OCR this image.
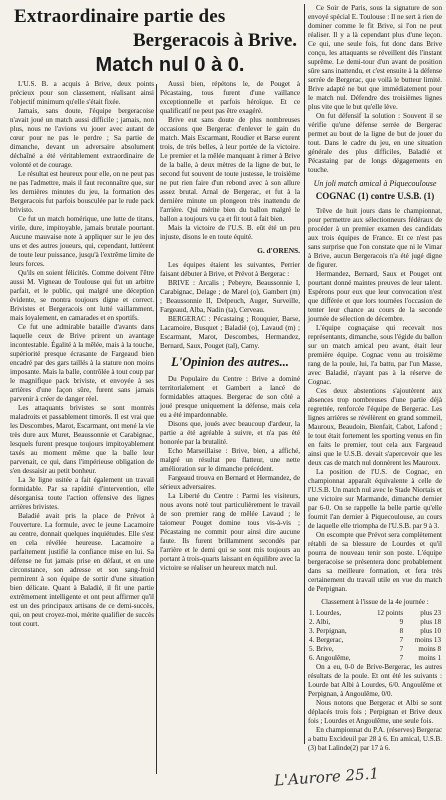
Extraordinaire partie des
Bergeracois à Brive.
Match nul 0 à 0.

L'U.S. B. a acquis à Brive, deux points précieux pour son classement, réalisant ainsi l'objectif minimum qu'elle s'était fixée.

Jamais, sans doute, l'équipe bergeracoise n'avait joué un match aussi difficile ; jamais, non plus, nous ne l'avions vu jouer avec autant de cœur pour ne pas le perdre ; Sa partie de dimanche, devant un adversaire absolument déchaîné a été véritablement extraordinaire de volonté et de courage.

Le résultat est heureux pour elle, on ne peut pas ne pas l'admettre, mais il faut reconnaître que, sur les dernières minutes du jeu, la formation des Bergeracois fut parfois bousculée par le rude pack brivisto.

Ce fut un match homérique, une lutte de titans, virile, dure, impitoyable, jamais brutale pourtant. Aucune mauvaise note à appliquer sur le jeu des uns et des autres joueurs, qui, cependant, luttèrent de toute leur puissance, jusqu'à l'extrême limite de leurs forces.

Qu'ils en soient félicités. Comme doivent l'être aussi M. Vigneau de Toulouse qui fut un arbitre parfait, et le public, qui malgré une déception évidente, se montra toujours digne et correct. Brivistes et Bergeracois ont lutté vaillamment, mais loyalement, en camarades et en sportifs.

Ce fut une admirable bataille d'avants dans laquelle ceux de Brive prirent un avantage incontestable. Égalité à la mêlée, mais à la touche, supériorité presque écrasante de Fargeaud bien encadré par des gars taillés à la stature non moins imposante. Mais la balle, contrôlée à tout coup par le magnifique pack briviste, et envoyée à ses arrières d'une façon sûre, furent sans jamais parvenir à créer de danger réel.

Les attaquants brivistes se sont montrés maladroits et passablement timorés. Il est vrai que les Descombes, Marot, Escarmant, ont mené la vie très dure aux Muret, Beaussonnie et Carabignac, lesquels furent presque toujours impitoyablement taxés au moment même que la balle leur parvenait, ce qui, dans l'impérieuse obligation de s'en dessaisir au petit bonheur.

La 3e ligne usitée a fait également un travail formidable. Par sa rapidité d'intervention, elle désorganisa toute l'action offensive des lignes arrières brivistes.

Baladié avait pris la place de Prévot à l'ouverture. La formule, avec le jeune Lacamoire au centre, donnait quelques inquiétudes. Elle s'est en cela révélée heureuse. Lacamoire a parfaitement justifié la confiance mise en lui. Sa défense ne fut jamais prise en défaut, et en une circonstance, son adresse et son sang-froid permirent à son équipe de sortir d'une situation bien délicate. Quant à Baladié, il fit une partie extrêmement intelligente et ont peut affirmer qu'il est un des principaux artisans de ce demi-succès, qui, on peut croyez-moi, mérite qualifier de succès tout court.

Aussi bien, répétons le, de Pouget à Pécastaing, tous furent d'une vaillance exceptionnelle et parfois héroïque. Et ce qualificatif ne peut pas être exagéré.

Brive eut sans doute de plus nombreuses occasions que Bergerac d'enlever le gain du match. Mais Escarmant, Roudier et Barse eurent trois, de très belles, à leur portée de la victoire. Le premier et la mêlée manquant à rimer à Brive de la balle, à deux mètres de la ligne de but, le second fut souvent de toute justesse, le troisième ne put rien faire d'un rebond avec à son allure assez brutal. Arnal de Bergerac, et fut à la dernière minute un plongeon très inattendu de l'arrière. Qui mérite bien du ballon malgré le ballon a toujours vu ça et fit tout à fait bien.

Mais la victoire de l'U.S. B. eût été un peu injuste, disons le en toute équité.

G. d'ORENS.

Les équipes étaient les suivantes, Perrier faisant débuter à Brive, et Prévot à Bergerac :

BRIVE : Arcalis ; Pebeyre, Beaussonnie I, Carabignac, Delage ; de Marel (o), Gambert (m) ; Beaussonnie II, Delpeuch, Auger, Surveille, Fargeaud, Alba, Nadin (ta), Cerveau.

BERGERAC : Pécastaing ; Rouquier, Barse, Lacamoire, Busquet ; Baladié (o), Lavaud (m) ; Escarmant, Marot, Descombes, Hermandez, Bernard, Saux, Pouget (tal), Camy.

L'Opinion des autres...

Du Populaire du Centre : Brive a dominé territorialement et Gambert a lancé de formidables attaques. Bergerac de son côté a joué presque uniquement la défense, mais cela eu a été impardonnable.

Disons que, joués avec beaucoup d'ardeur, la partie a été agréable à suivre, et n'a pas été honorée par la brutalité.

Echo Marseillaise : Brive, bien, a affiché, malgré un résultat peu flatteur, une nette amélioration sur le dimanche précédent.

Fargeaud trouva en Bernard et Hermandez, de sérieux adversaires.

La Liberté du Centre : Parmi les visiteurs, nous avons noté tout particulièrement le travail de son premier rang de mêlée Lavaud ; le taiomeur Pouget domine tous vis-à-vis ; Pécastaing ne commit pour ainsi dire aucune faute. Ils furent brillamment secondés par l'arrière et le demi qui se sont mis toujours au portant à trois-quarts laissant en équilibre avec la victoire se réaliser un heureux match nul.

Ce Soir de Paris, sous la signature de son envoyé spécial E. Toulouse : Il ne sert à rien de dominer comme le fit Brive, si l'on ne peut réaliser. Il y a là cependant plus d'une leçon. Ce qui, une seule fois, fut donc dans Brive conçu, les attaquants se réveillent dès l'instant suprême. Le demi-tour d'un avant de position sûre sans inattendu, et c'est ensuite à la défense serrée de Bergerac, que voilà le butteur limité. Brive adapté ne but que immédiatement pour le match nul. Défendre des troisièmes lignes plus vite que le but qu'elle lève.

On fut défensif la solution : Souvent il se vérifie qu'une défense serrée de Bergerac permet au bout de la ligne de but de jouer du tout. Dans le cadre du jeu, en une situation générale des plus difficiles, Baladié et Pécastaing par de longs dégagements en touche.

Un joli match amical à Piquecoulouse
COGNAC (1) contre U.S.B. (1)

Trêve de huit jours dans le championnat, pour permettre aux sélectionneurs fédéraux de procéder à un premier examen des candidats aux trois équipes de France. Et ce n'est pas sans surprise que l'on constate que ni le Vimar à Brive, aucun Bergeracois n'a été jugé digne de figurer.

Hermandez, Bernard, Saux et Pouget ont pourtant donné maintes preuves de leur talent. Espérons pour eux que leur convocation n'est que différée et que lors tournées l'occasion de tenter leur chance au cours de la seconde journée de sélection de décembre.

L'équipe cognaçaise qui recevait nos représentants, dimanche, sous l'égide du ballon sur un match amical peu avant, était leur première équipe. Cognac venu au troisième rang de la poule, lui, l'a battu, par l'un Masse, avec Baladié, n'ayant pas à la réserve de Cognac.

Ces deux abstentions s'ajoutèrent aux absences trop nombreuses d'une partie déjà regrettée, renforcée l'équipe de Bergerac. Les lignes arrières se révélèrent en grand sommeil, Mauroux, Beaudoin, Bienfait, Cabot, Lafond ; le tout était fortement les sporting venus en fin en faits le premier, tout cela aux Fargeaud ainsi que le U.S.B. devait s'apercevoir que les deux cas de match nul donnèrent les Mauroux.

La position de l'U.S. de Cognac, en championnat apparaît équivalente à celle de l'U.S.B. Un match nul avec le Stade Niortais et une victoire sur Marmande, dimanche dernier par 6-0. On se rappelle la belle partie qu'elle fournit l'an dernier à Piquecoulouse, au cours de laquelle elle triompha de l'U.S.B. par 9 à 3.

On escompte que Prévot sera complètement rétabli de sa blessure de Lourdes et qu'il pourra de nouveau tenir son poste. L'équipe bergeracoise se présentera donc probablement dans sa meilleure formation, et fera très certainement du travail utile en vue du match de Perpignan.

Classement à l'issue de la 4e journée :
1. Lourdes,	12 points	plus 23
2. Albi,	9	plus 18
3. Perpignan,	8	plus 10
4. Bergerac,	7	moins 13
5. Brive,	7	moins 8
6. Angoulême,	7	moins 1

On a eu, 0-0 de Brive-Bergerac, les autres résultats de la poule. Et ont été les suivants : Lourde bat Albi à Lourdes, 6/0. Angoulême et Perpignan, à Angoulême, 0/0.

Nous notons que Bergerac et Albi se sont déplacés trois fois ; Perpignan et Brive deux fois ; Lourdes et Angoulême, une seule fois.

En championnat du P.A. (réserves) Bergerac a battu Excideuil par 28 à 6. En amical, U.S.B.(3) bat Lalinde(2) par 17 à 6.

L'Aurore 25.1
